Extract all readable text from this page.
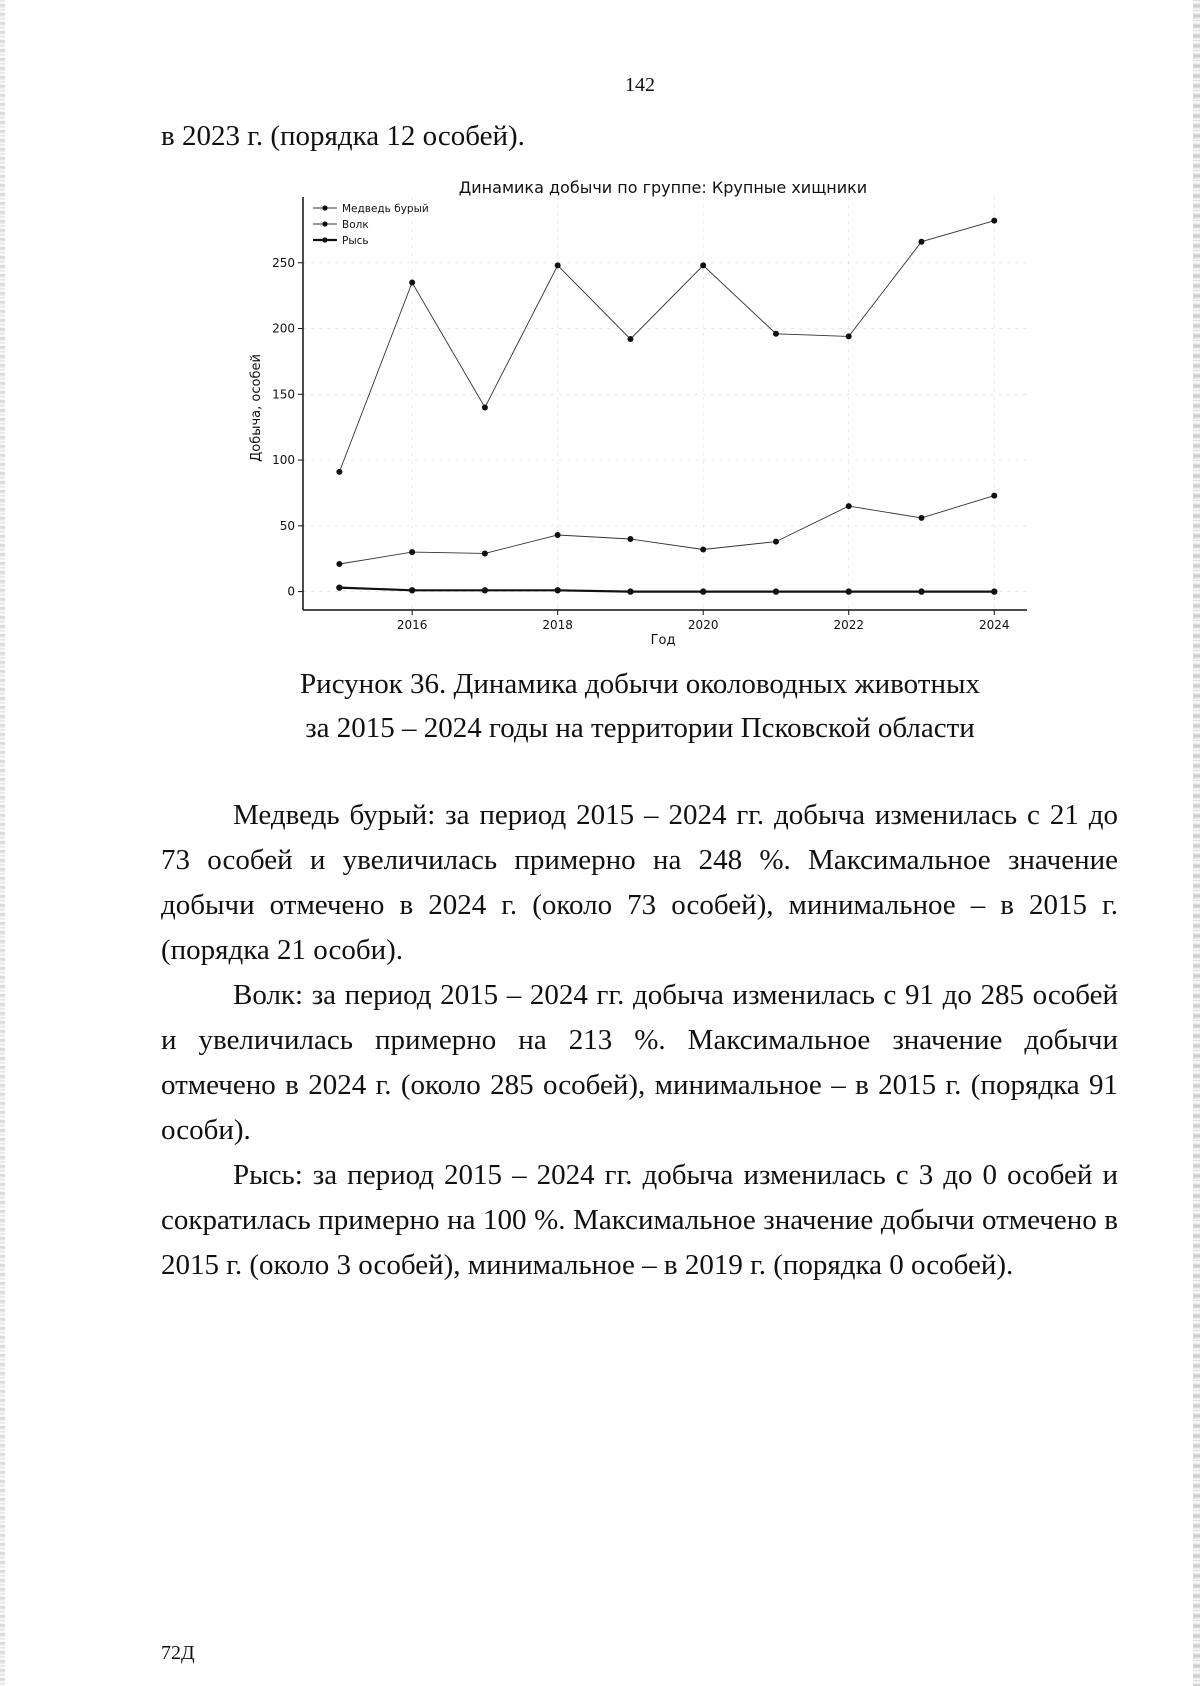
142
в 2023 г. (порядка 12 особей).
Динамика добычи по группе: Крупные хищники
0
50
100
150
200
250
2016	2018	2020	2022	2024
Год
Добыча, особей
Медведь бурый
Волк
Рысь
Рисунок 36. Динамика добычи околоводных животных
за 2015 – 2024 годы на территории Псковской области

Медведь бурый: за период 2015 – 2024 гг. добыча изменилась с 21 до 73 особей и увеличилась примерно на 248 %. Максимальное значение добычи отмечено в 2024 г. (около 73 особей), минимальное – в 2015 г. (порядка 21 особи).

Волк: за период 2015 – 2024 гг. добыча изменилась с 91 до 285 особей и увеличилась примерно на 213 %. Максимальное значение добычи отмечено в 2024 г. (около 285 особей), минимальное – в 2015 г. (порядка 91 особи).

Рысь: за период 2015 – 2024 гг. добыча изменилась с 3 до 0 особей и сократилась примерно на 100 %. Максимальное значение добычи отмечено в 2015 г. (около 3 особей), минимальное – в 2019 г. (порядка 0 особей).

72Д
